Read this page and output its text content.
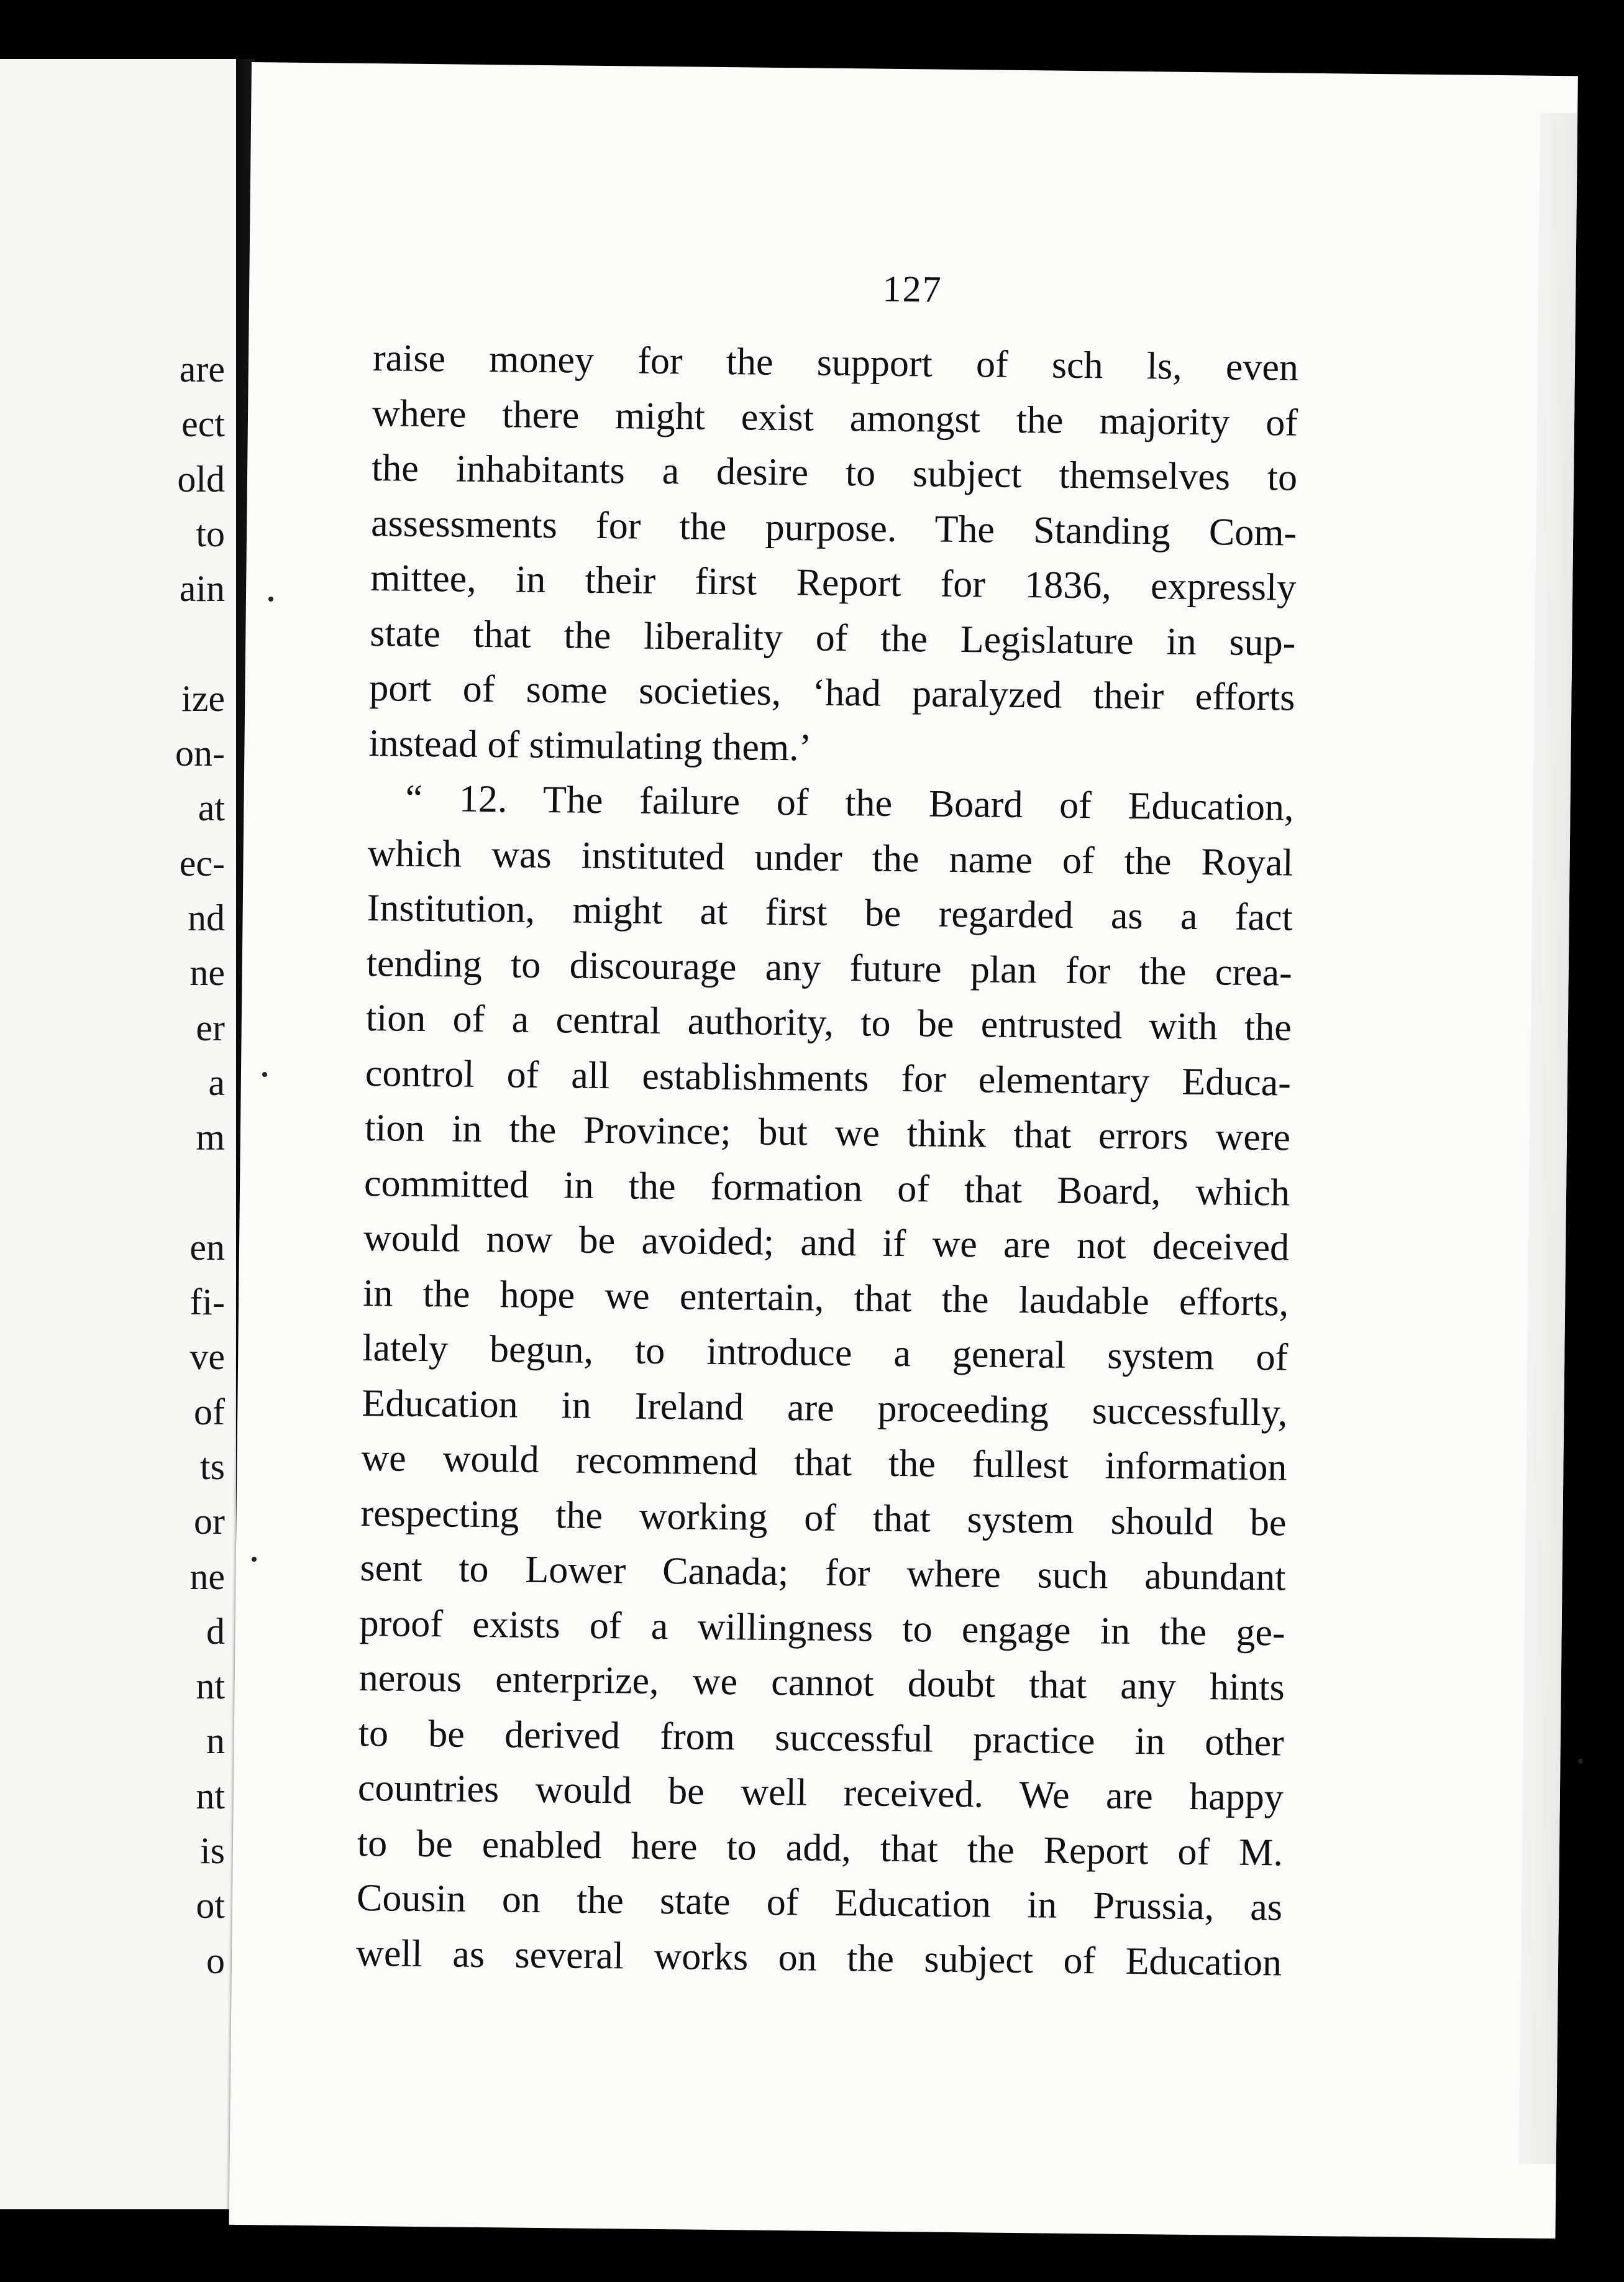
are
ect
old
to
ain
ize
on-
at
ec-
nd
ne
er
a
m
en
fi-
ve
of
ts
or
ne
d
nt
n
nt
is
ot
o
127
raise money for the support of sch ls, even
where there might exist amongst the majority of
the inhabitants a desire to subject themselves to
assessments for the purpose. The Standing Com-
mittee, in their first Report for 1836, expressly
state that the liberality of the Legislature in sup-
port of some societies, ‘had paralyzed their efforts
instead of stimulating them.’
“ 12. The failure of the Board of Education,
which was instituted under the name of the Royal
Institution, might at first be regarded as a fact
tending to discourage any future plan for the crea-
tion of a central authority, to be entrusted with the
control of all establishments for elementary Educa-
tion in the Province; but we think that errors were
committed in the formation of that Board, which
would now be avoided; and if we are not deceived
in the hope we entertain, that the laudable efforts,
lately begun, to introduce a general system of
Education in Ireland are proceeding successfully,
we would recommend that the fullest information
respecting the working of that system should be
sent to Lower Canada; for where such abundant
proof exists of a willingness to engage in the ge-
nerous enterprize, we cannot doubt that any hints
to be derived from successful practice in other
countries would be well received. We are happy
to be enabled here to add, that the Report of M.
Cousin on the state of Education in Prussia, as
well as several works on the subject of Education
